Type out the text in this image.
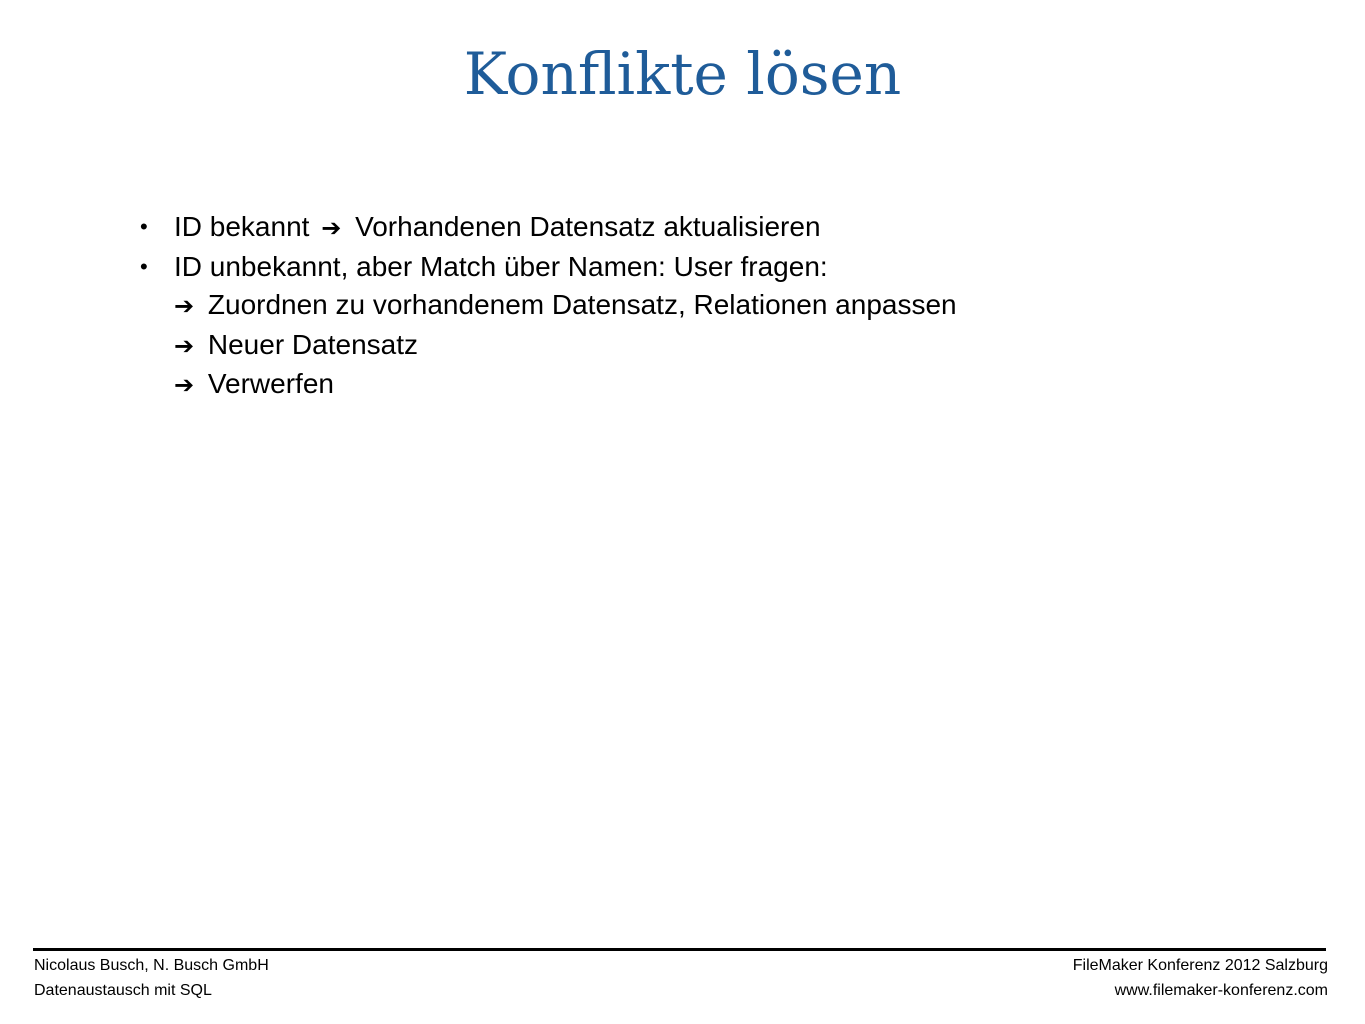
Konflikte lösen
• ID bekannt ➔ Vorhandenen Datensatz aktualisieren
• ID unbekannt, aber Match über Namen: User fragen:
➔ Zuordnen zu vorhandenem Datensatz, Relationen anpassen
➔ Neuer Datensatz
➔ Verwerfen
Nicolaus Busch, N. Busch GmbH
Datenaustausch mit SQL
FileMaker Konferenz 2012 Salzburg
www.filemaker-konferenz.com
